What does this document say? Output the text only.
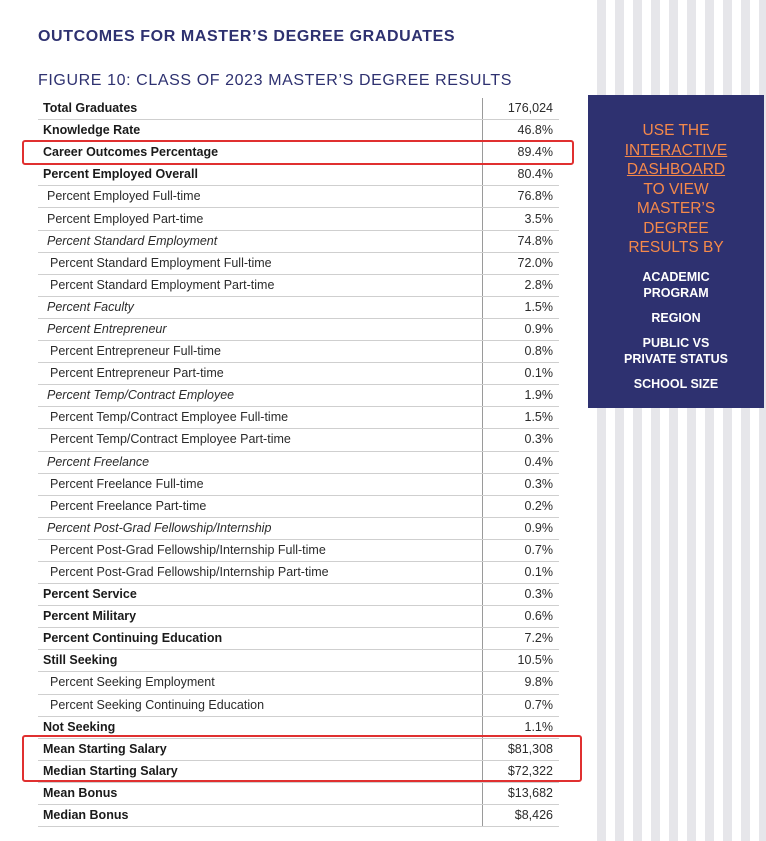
OUTCOMES FOR MASTER’S DEGREE GRADUATES
FIGURE 10: CLASS OF 2023 MASTER’S DEGREE RESULTS
Total Graduates	176,024
Knowledge Rate	46.8%
Career Outcomes Percentage	89.4%
Percent Employed Overall	80.4%
Percent Employed Full-time	76.8%
Percent Employed Part-time	3.5%
Percent Standard Employment	74.8%
Percent Standard Employment Full-time	72.0%
Percent Standard Employment Part-time	2.8%
Percent Faculty	1.5%
Percent Entrepreneur	0.9%
Percent Entrepreneur Full-time	0.8%
Percent Entrepreneur Part-time	0.1%
Percent Temp/Contract Employee	1.9%
Percent Temp/Contract Employee Full-time	1.5%
Percent Temp/Contract Employee Part-time	0.3%
Percent Freelance	0.4%
Percent Freelance Full-time	0.3%
Percent Freelance Part-time	0.2%
Percent Post-Grad Fellowship/Internship	0.9%
Percent Post-Grad Fellowship/Internship Full-time	0.7%
Percent Post-Grad Fellowship/Internship Part-time	0.1%
Percent Service	0.3%
Percent Military	0.6%
Percent Continuing Education	7.2%
Still Seeking	10.5%
Percent Seeking Employment	9.8%
Percent Seeking Continuing Education	0.7%
Not Seeking	1.1%
Mean Starting Salary	$81,308
Median Starting Salary	$72,322
Mean Bonus	$13,682
Median Bonus	$8,426
USE THE
INTERACTIVE
DASHBOARD
TO VIEW
MASTER’S
DEGREE
RESULTS BY
ACADEMIC
PROGRAM
REGION
PUBLIC VS
PRIVATE STATUS
SCHOOL SIZE
